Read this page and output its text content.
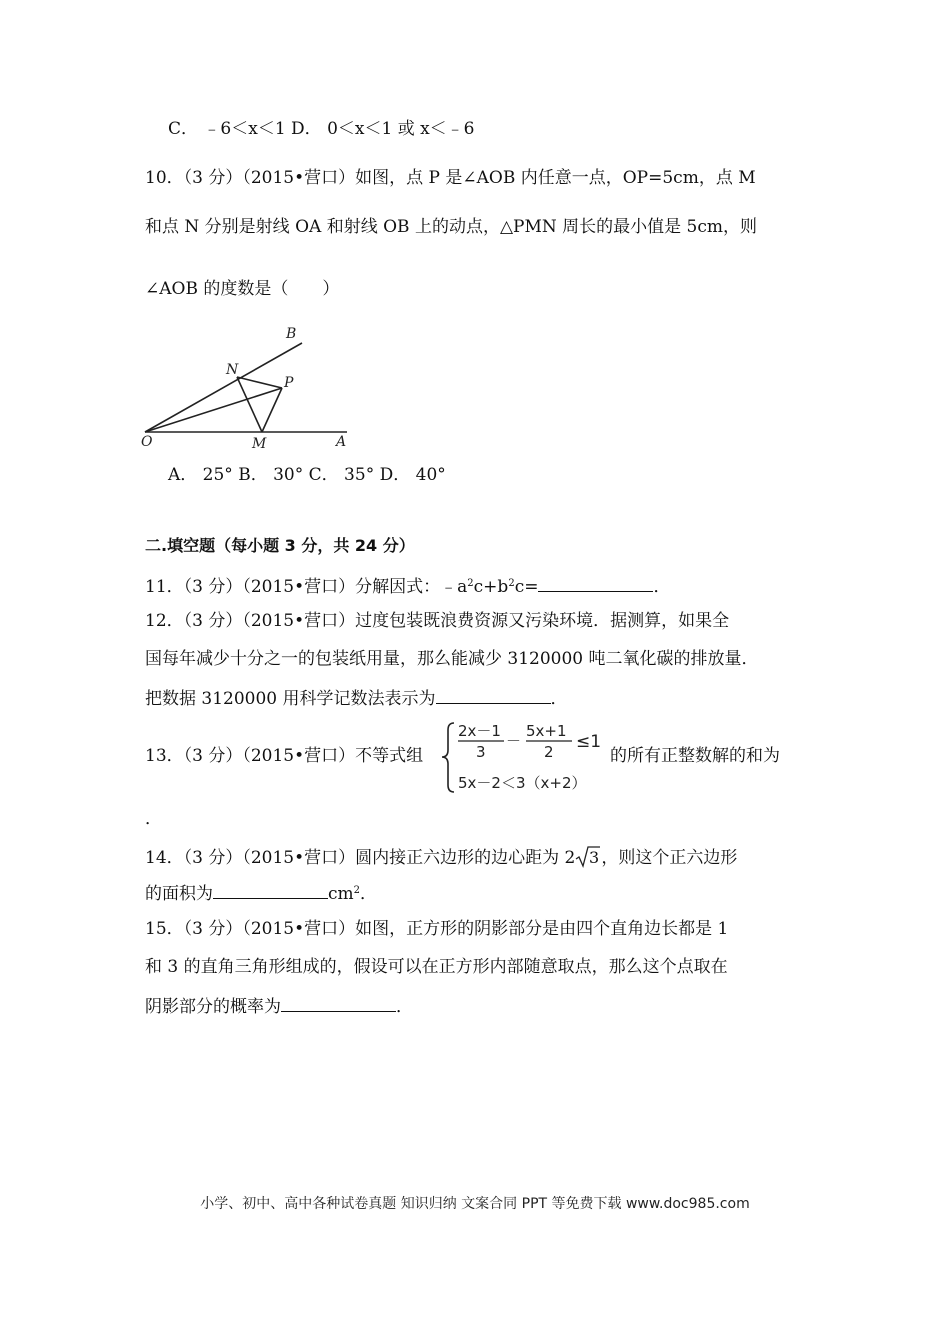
C． ﹣6＜x＜1 D． 0＜x＜1 或 x＜﹣6
10．（3 分）（2015•营口）如图，点 P 是∠AOB 内任意一点，OP=5cm，点 M
和点 N 分别是射线 OA 和射线 OB 上的动点，△PMN 周长的最小值是 5cm，则
∠AOB 的度数是（　　）
B
N
P
O	M	A
A． 25° B． 30° C． 35° D． 40°
二.填空题（每小题 3 分，共 24 分）
11．（3 分）（2015•营口）分解因式：$﹣a^2c+b^2c=$	．
12．（3 分）（2015•营口）过度包装既浪费资源又污染环境．据测算，如果全
国每年减少十分之一的包装纸用量，那么能减少 3120000 吨二氧化碳的排放量．
把数据 3120000 用科学记数法表示为	．
13．（3 分）（2015•营口）不等式组
2x－1
3
－
5x+1
2 ≤1
5x－2＜3（x+2）
的所有正整数解的和为
．
14．（3 分）（2015•营口）圆内接正六边形的边心距为 2 3 ，则这个正六边形
的面积为	$cm^2$．
15．（3 分）（2015•营口）如图，正方形的阴影部分是由四个直角边长都是 1
和 3 的直角三角形组成的，假设可以在正方形内部随意取点，那么这个点取在
阴影部分的概率为	．
小学、初中、高中各种试卷真题 知识归纳 文案合同 PPT 等免费下载 www.doc985.com
